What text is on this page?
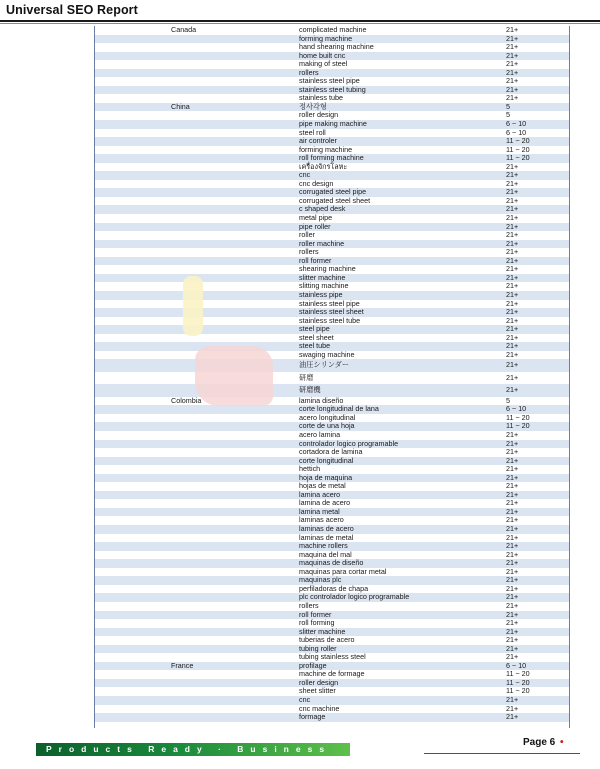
Universal SEO Report
Canada	complicated machine	21+
forming machine	21+
hand shearing machine	21+
home built cnc	21+
making of steel	21+
rollers	21+
stainless steel pipe	21+
stainless steel tubing	21+
stainless tube	21+
China	정사각형	5
roller design	5
pipe making machine	6 ~ 10
steel roll	6 ~ 10
air controler	11 ~ 20
forming machine	11 ~ 20
roll forming machine	11 ~ 20
เครื่องจักรโลหะ	21+
cnc	21+
cnc design	21+
corrugated steel pipe	21+
corrugated steel sheet	21+
c shaped desk	21+
metal pipe	21+
pipe roller	21+
roller	21+
roller machine	21+
rollers	21+
roll former	21+
shearing machine	21+
slitter machine	21+
slitting machine	21+
stainless pipe	21+
stainless steel pipe	21+
stainless steel sheet	21+
stainless steel tube	21+
steel pipe	21+
steel sheet	21+
steel tube	21+
swaging machine	21+
油圧シリンダー	21+
研磨	21+
研磨機	21+
Colombia	lamina diseño	5
corte longitudinal de lana	6 ~ 10
acero longitudinal	11 ~ 20
corte de una hoja	11 ~ 20
acero lamina	21+
controlador logico programable	21+
cortadora de lamina	21+
corte longitudinal	21+
hettich	21+
hoja de maquina	21+
hojas de metal	21+
lamina acero	21+
lamina de acero	21+
lamina metal	21+
laminas acero	21+
laminas de acero	21+
laminas de metal	21+
machine rollers	21+
maquina del mal	21+
maquinas de diseño	21+
maquinas para cortar metal	21+
maquinas plc	21+
perfiladoras de chapa	21+
plc controlador logico programable	21+
rollers	21+
roll former	21+
roll forming	21+
slitter machine	21+
tuberias de acero	21+
tubing roller	21+
tubing stainless steel	21+
France	profilage	6 ~ 10
machine de formage	11 ~ 20
roller design	11 ~ 20
sheet slitter	11 ~ 20
cnc	21+
cnc machine	21+
formage	21+
Products Ready · Business Ready
Page 6 •
